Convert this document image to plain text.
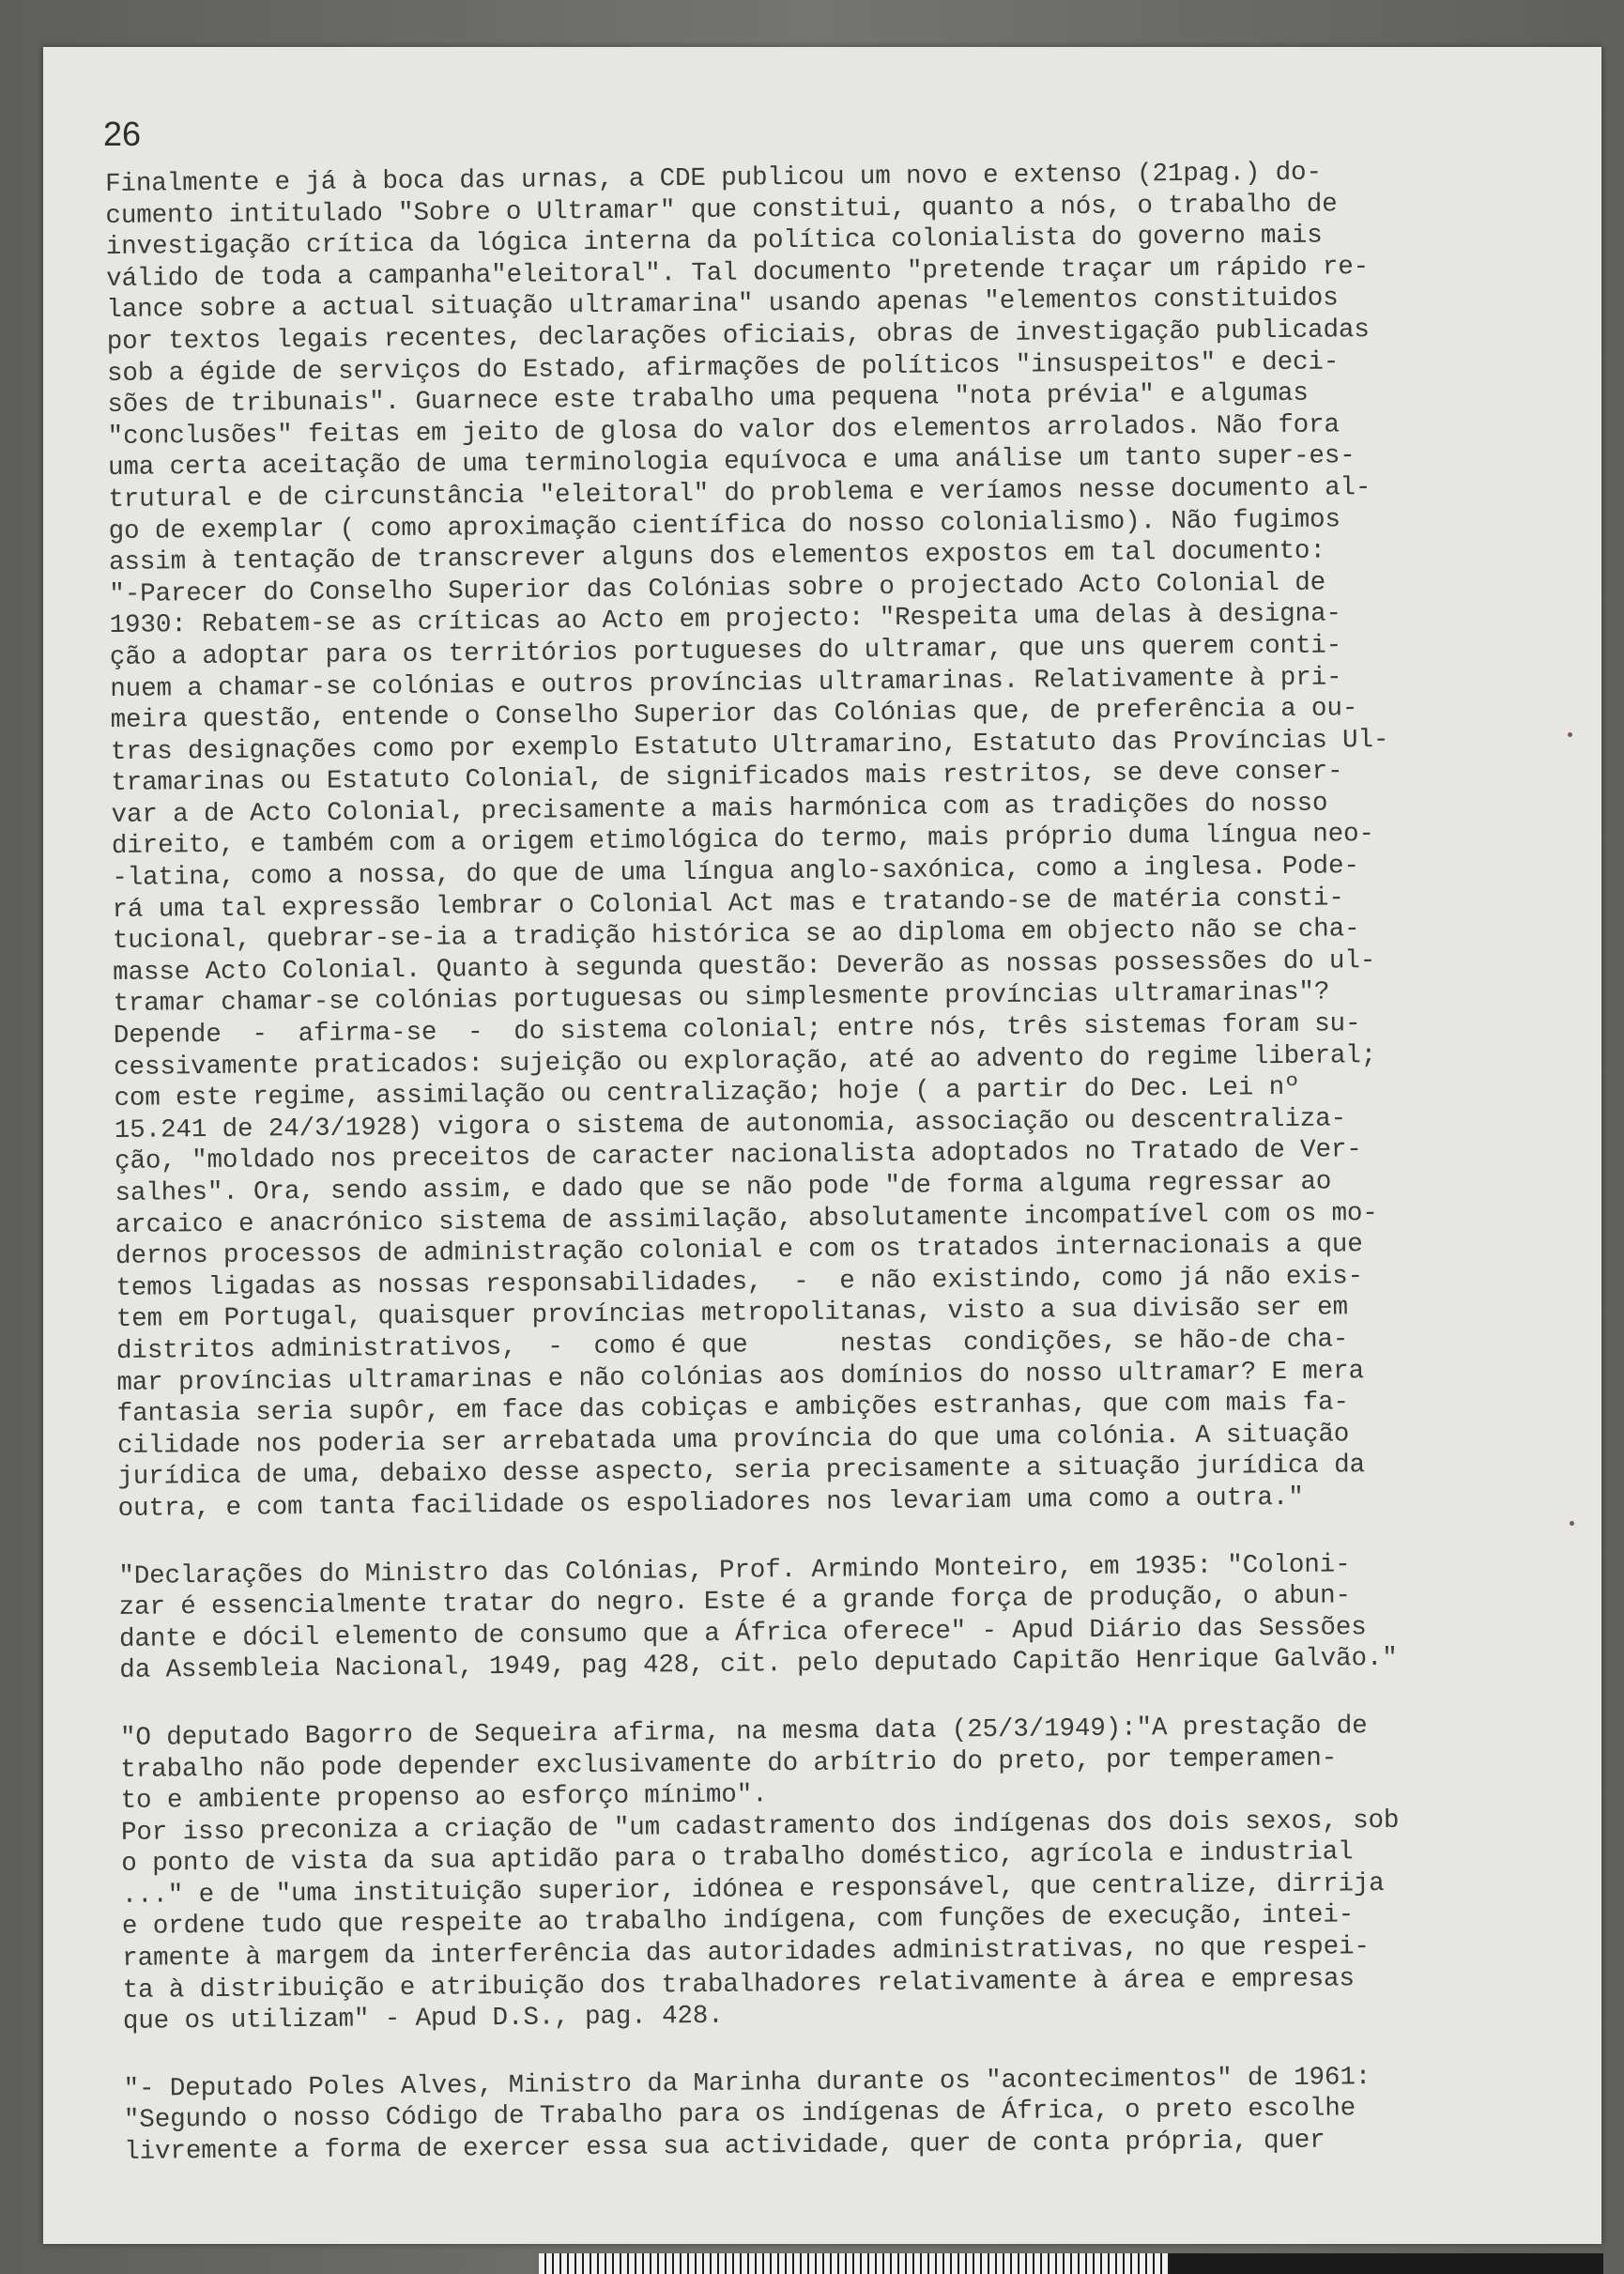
26
Finalmente e já à boca das urnas, a CDE publicou um novo e extenso (21pag.) do-
cumento intitulado "Sobre o Ultramar" que constitui, quanto a nós, o trabalho de
investigação crítica da lógica interna da política colonialista do governo mais
válido de toda a campanha"eleitoral". Tal documento "pretende traçar um rápido re-
lance sobre a actual situação ultramarina" usando apenas "elementos constituidos
por textos legais recentes, declarações oficiais, obras de investigação publicadas
sob a égide de serviços do Estado, afirmações de políticos "insuspeitos" e deci-
sões de tribunais". Guarnece este trabalho uma pequena "nota prévia" e algumas
"conclusões" feitas em jeito de glosa do valor dos elementos arrolados. Não fora
uma certa aceitação de uma terminologia equívoca e uma análise um tanto super-es-
trutural e de circunstância "eleitoral" do problema e veríamos nesse documento al-
go de exemplar ( como aproximação científica do nosso colonialismo). Não fugimos
assim à tentação de transcrever alguns dos elementos expostos em tal documento:
"-Parecer do Conselho Superior das Colónias sobre o projectado Acto Colonial de
1930: Rebatem-se as críticas ao Acto em projecto: "Respeita uma delas à designa-
ção a adoptar para os territórios portugueses do ultramar, que uns querem conti-
nuem a chamar-se colónias e outros províncias ultramarinas. Relativamente à pri-
meira questão, entende o Conselho Superior das Colónias que, de preferência a ou-
tras designações como por exemplo Estatuto Ultramarino, Estatuto das Províncias Ul-
tramarinas ou Estatuto Colonial, de significados mais restritos, se deve conser-
var a de Acto Colonial, precisamente a mais harmónica com as tradições do nosso
direito, e também com a origem etimológica do termo, mais próprio duma língua neo-
-latina, como a nossa, do que de uma língua anglo-saxónica, como a inglesa. Pode-
rá uma tal expressão lembrar o Colonial Act mas e tratando-se de matéria consti-
tucional, quebrar-se-ia a tradição histórica se ao diploma em objecto não se cha-
masse Acto Colonial. Quanto à segunda questão: Deverão as nossas possessões do ul-
tramar chamar-se colónias portuguesas ou simplesmente províncias ultramarinas"?
Depende  -  afirma-se  -  do sistema colonial; entre nós, três sistemas foram su-
cessivamente praticados: sujeição ou exploração, até ao advento do regime liberal;
com este regime, assimilação ou centralização; hoje ( a partir do Dec. Lei nº
15.241 de 24/3/1928) vigora o sistema de autonomia, associação ou descentraliza-
ção, "moldado nos preceitos de caracter nacionalista adoptados no Tratado de Ver-
salhes". Ora, sendo assim, e dado que se não pode "de forma alguma regressar ao
arcaico e anacrónico sistema de assimilação, absolutamente incompatível com os mo-
dernos processos de administração colonial e com os tratados internacionais a que
temos ligadas as nossas responsabilidades,  -  e não existindo, como já não exis-
tem em Portugal, quaisquer províncias metropolitanas, visto a sua divisão ser em
distritos administrativos,  -  como é que      nestas  condições, se hão-de cha-
mar províncias ultramarinas e não colónias aos domínios do nosso ultramar? E mera
fantasia seria supôr, em face das cobiças e ambições estranhas, que com mais fa-
cilidade nos poderia ser arrebatada uma província do que uma colónia. A situação
jurídica de uma, debaixo desse aspecto, seria precisamente a situação jurídica da
outra, e com tanta facilidade os espoliadores nos levariam uma como a outra."
"Declarações do Ministro das Colónias, Prof. Armindo Monteiro, em 1935: "Coloni-
zar é essencialmente tratar do negro. Este é a grande força de produção, o abun-
dante e dócil elemento de consumo que a África oferece" - Apud Diário das Sessões
da Assembleia Nacional, 1949, pag 428, cit. pelo deputado Capitão Henrique Galvão."
"O deputado Bagorro de Sequeira afirma, na mesma data (25/3/1949):"A prestação de
trabalho não pode depender exclusivamente do arbítrio do preto, por temperamen-
to e ambiente propenso ao esforço mínimo".
Por isso preconiza a criação de "um cadastramento dos indígenas dos dois sexos, sob
o ponto de vista da sua aptidão para o trabalho doméstico, agrícola e industrial
..." e de "uma instituição superior, idónea e responsável, que centralize, dirrija
e ordene tudo que respeite ao trabalho indígena, com funções de execução, intei-
ramente à margem da interferência das autoridades administrativas, no que respei-
ta à distribuição e atribuição dos trabalhadores relativamente à área e empresas
que os utilizam" - Apud D.S., pag. 428.
"- Deputado Poles Alves, Ministro da Marinha durante os "acontecimentos" de 1961:
"Segundo o nosso Código de Trabalho para os indígenas de África, o preto escolhe
livremente a forma de exercer essa sua actividade, quer de conta própria, quer
